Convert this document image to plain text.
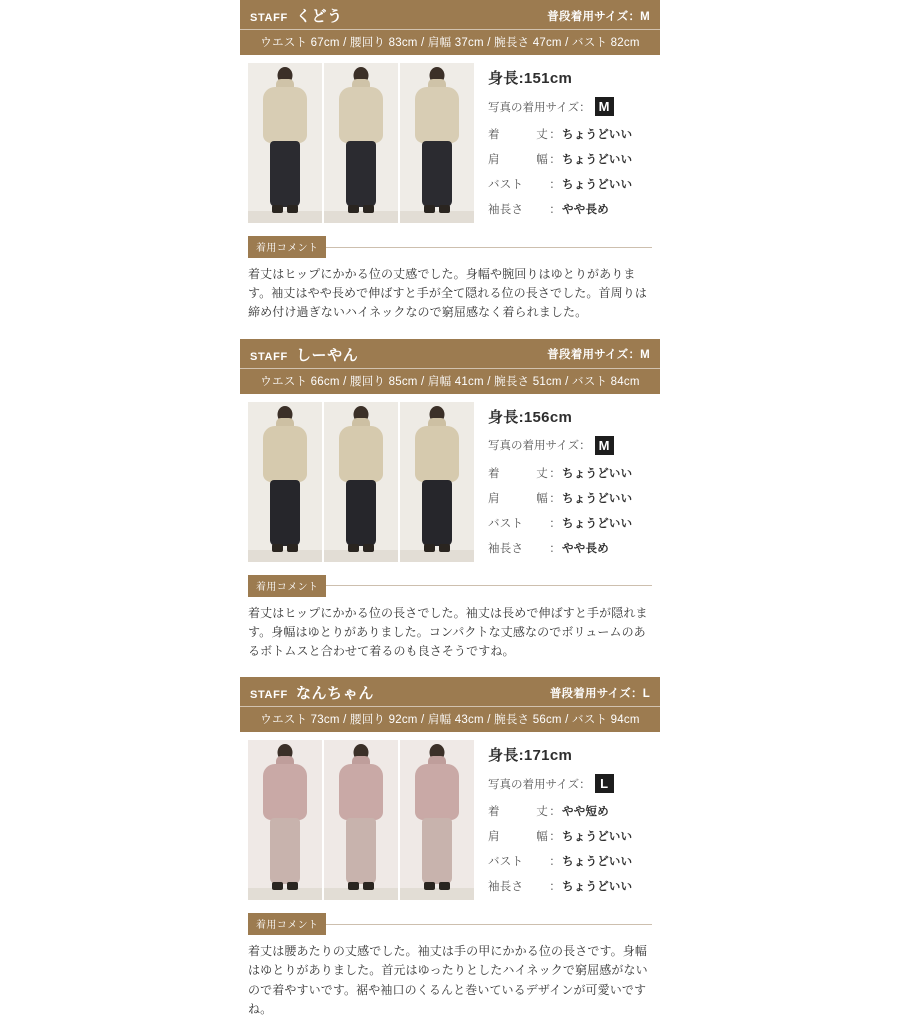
STAFF くどう	普段着用サイズ：M
ウエスト 67cm / 腰回り 83cm / 肩幅 37cm / 腕長さ 47cm / バスト 82cm
身長:151cm
写真の着用サイズ： M
着	丈 ： ちょうどいい
肩	幅 ： ちょうどいい
バスト ： ちょうどいい
袖長さ ： やや長め
着用コメント
着丈はヒップにかかる位の丈感でした。身幅や腕回りはゆとりがあります。袖丈はやや長めで伸ばすと手が全て隠れる位の長さでした。首周りは締め付け過ぎないハイネックなので窮屈感なく着られました。
STAFF しーやん	普段着用サイズ：M
ウエスト 66cm / 腰回り 85cm / 肩幅 41cm / 腕長さ 51cm / バスト 84cm
身長:156cm
写真の着用サイズ： M
着	丈 ： ちょうどいい
肩	幅 ： ちょうどいい
バスト ： ちょうどいい
袖長さ ： やや長め
着用コメント
着丈はヒップにかかる位の長さでした。袖丈は長めで伸ばすと手が隠れます。身幅はゆとりがありました。コンパクトな丈感なのでボリュームのあるボトムスと合わせて着るのも良さそうですね。
STAFF なんちゃん	普段着用サイズ：L
ウエスト 73cm / 腰回り 92cm / 肩幅 43cm / 腕長さ 56cm / バスト 94cm
身長:171cm
写真の着用サイズ： L
着	丈 ： やや短め
肩	幅 ： ちょうどいい
バスト ： ちょうどいい
袖長さ ： ちょうどいい
着用コメント
着丈は腰あたりの丈感でした。袖丈は手の甲にかかる位の長さです。身幅はゆとりがありました。首元はゆったりとしたハイネックで窮屈感がないので着やすいです。裾や袖口のくるんと巻いているデザインが可愛いですね。
